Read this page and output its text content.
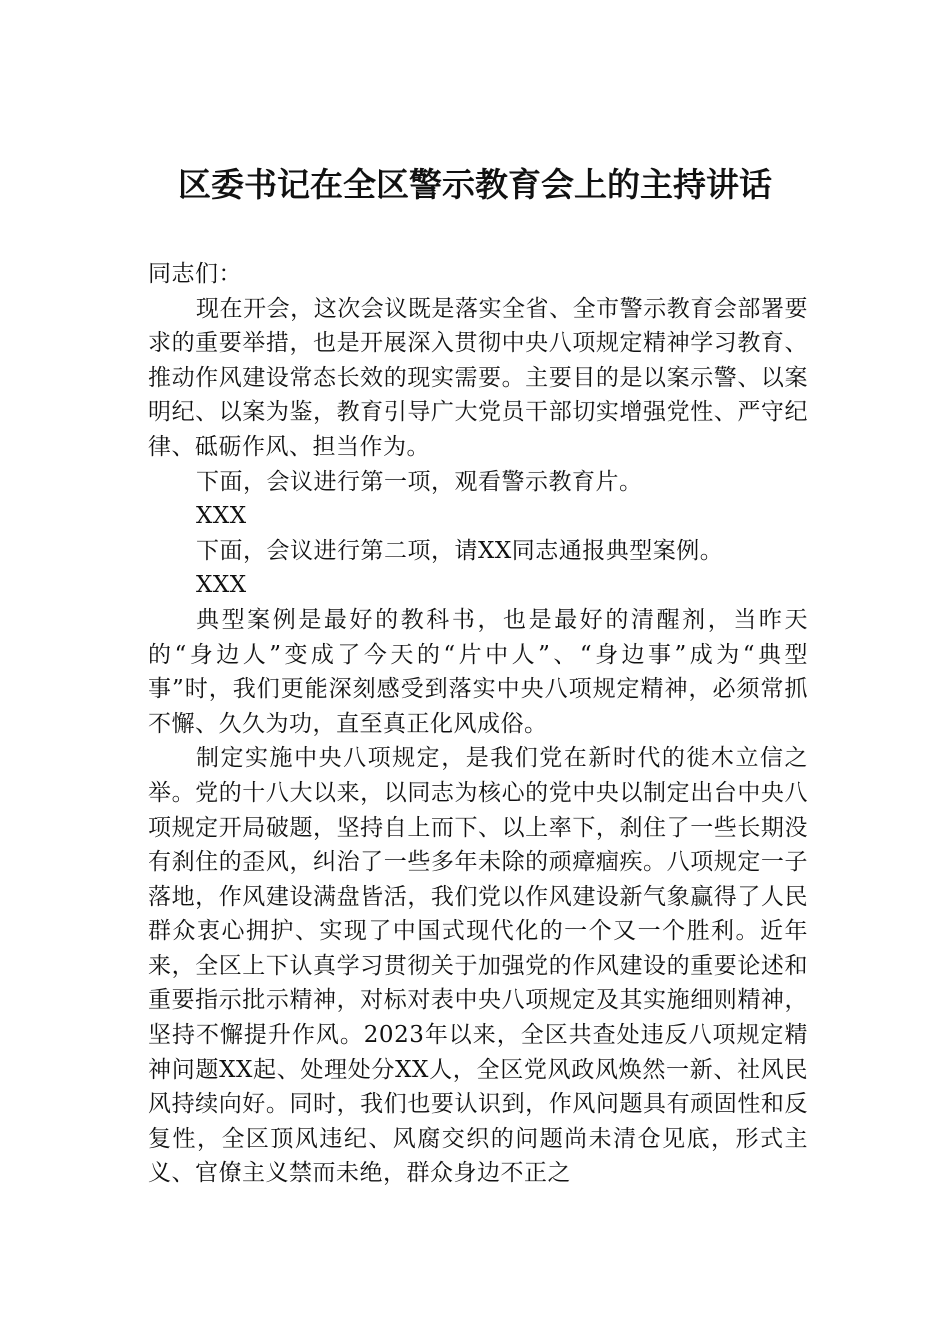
区委书记在全区警示教育会上的主持讲话

同志们：

现在开会，这次会议既是落实全省、全市警示教育会部署要求的重要举措，也是开展深入贯彻中央八项规定精神学习教育、推动作风建设常态长效的现实需要。主要目的是以案示警、以案明纪、以案为鉴，教育引导广大党员干部切实增强党性、严守纪律、砥砺作风、担当作为。

下面，会议进行第一项，观看警示教育片。

XXX

下面，会议进行第二项，请XX同志通报典型案例。

XXX

典型案例是最好的教科书，也是最好的清醒剂，当昨天的“身边人”变成了今天的“片中人”、“身边事”成为“典型事”时，我们更能深刻感受到落实中央八项规定精神，必须常抓不懈、久久为功，直至真正化风成俗。

制定实施中央八项规定，是我们党在新时代的徙木立信之举。党的十八大以来，以同志为核心的党中央以制定出台中央八项规定开局破题，坚持自上而下、以上率下，刹住了一些长期没有刹住的歪风，纠治了一些多年未除的顽瘴痼疾。八项规定一子落地，作风建设满盘皆活，我们党以作风建设新气象赢得了人民群众衷心拥护、实现了中国式现代化的一个又一个胜利。近年来，全区上下认真学习贯彻关于加强党的作风建设的重要论述和重要指示批示精神，对标对表中央八项规定及其实施细则精神，坚持不懈提升作风。2023年以来，全区共查处违反八项规定精神问题XX起、处理处分XX人，全区党风政风焕然一新、社风民风持续向好。同时，我们也要认识到，作风问题具有顽固性和反复性，全区顶风违纪、风腐交织的问题尚未清仓见底，形式主义、官僚主义禁而未绝，群众身边不正之
